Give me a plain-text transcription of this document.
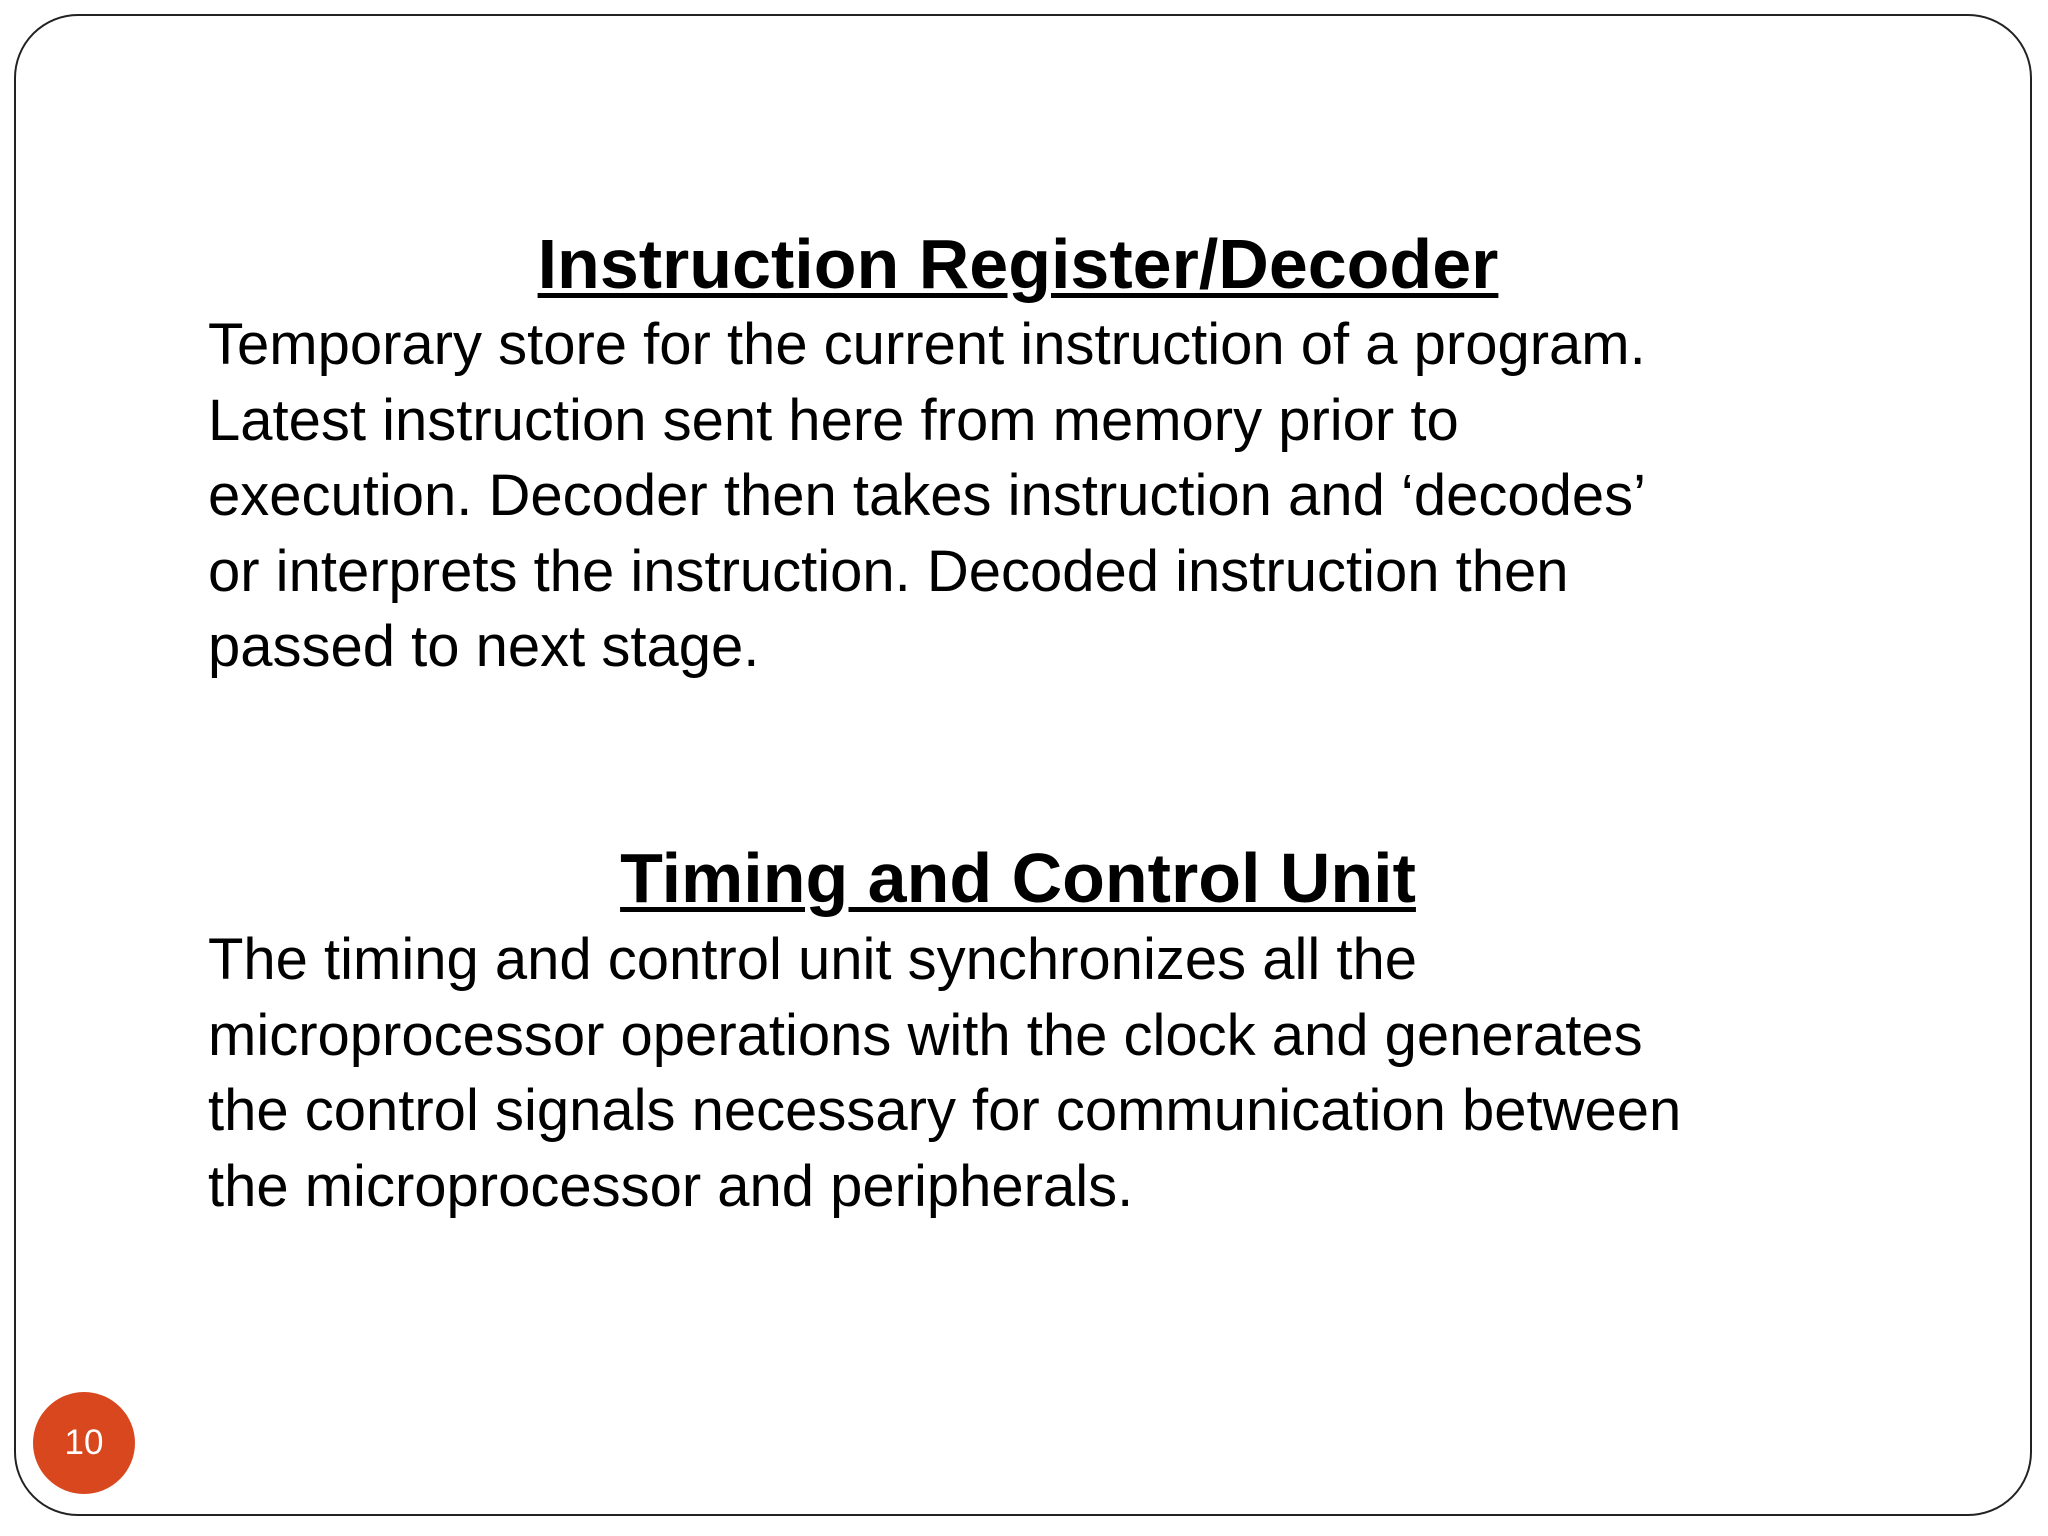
Instruction Register/Decoder

Temporary store for the current instruction of a program.
Latest instruction sent here from memory prior to
execution. Decoder then takes instruction and ‘decodes’
or interprets the instruction. Decoded instruction then
passed to next stage.

Timing and Control Unit

The timing and control unit synchronizes all the
microprocessor operations with the clock and generates
the control signals necessary for communication between
the microprocessor and peripherals.

10
